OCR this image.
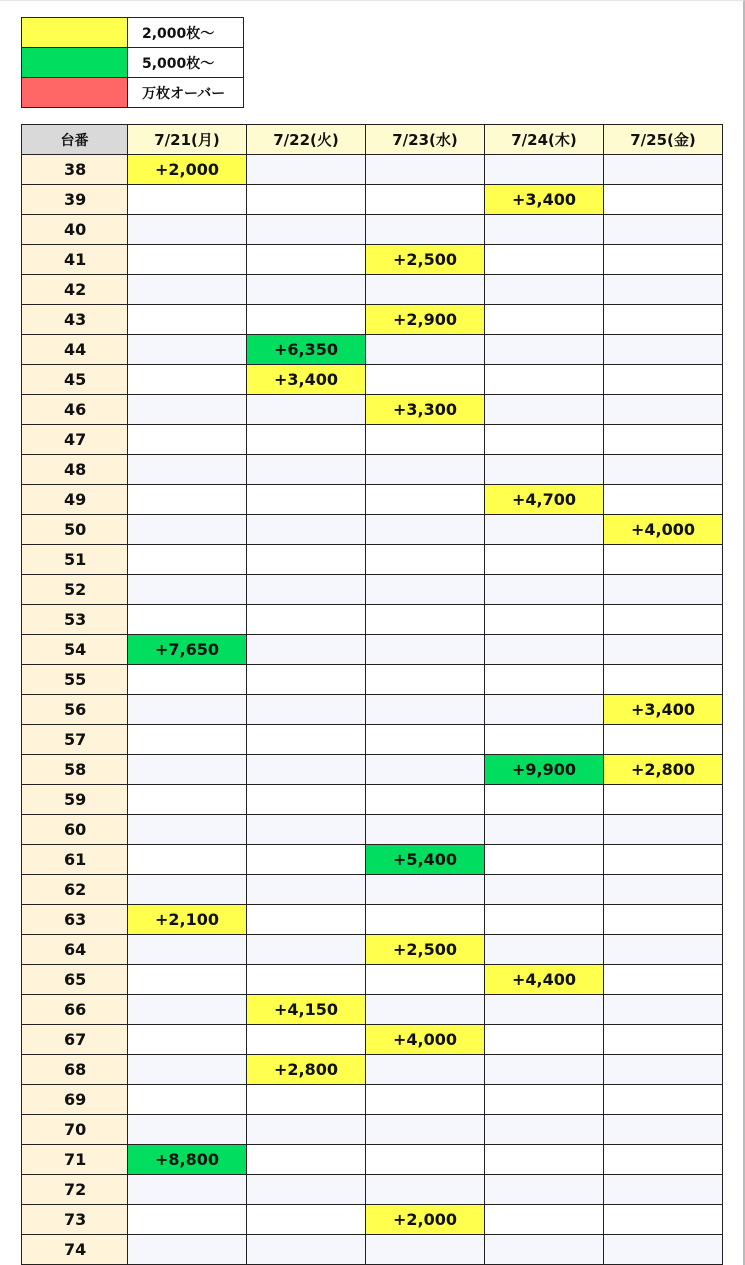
	2,000枚～
	5,000枚～
	万枚オーバー
台番	7/21(月)	7/22(火)	7/23(水)	7/24(木)	7/25(金)
38	+2,000				
39				+3,400	
40					
41			+2,500		
42					
43			+2,900		
44		+6,350			
45		+3,400			
46			+3,300		
47					
48					
49				+4,700	
50					+4,000
51					
52					
53					
54	+7,650				
55					
56					+3,400
57					
58				+9,900	+2,800
59					
60					
61			+5,400		
62					
63	+2,100				
64			+2,500		
65				+4,400	
66		+4,150			
67			+4,000		
68		+2,800			
69					
70					
71	+8,800				
72					
73			+2,000		
74					
